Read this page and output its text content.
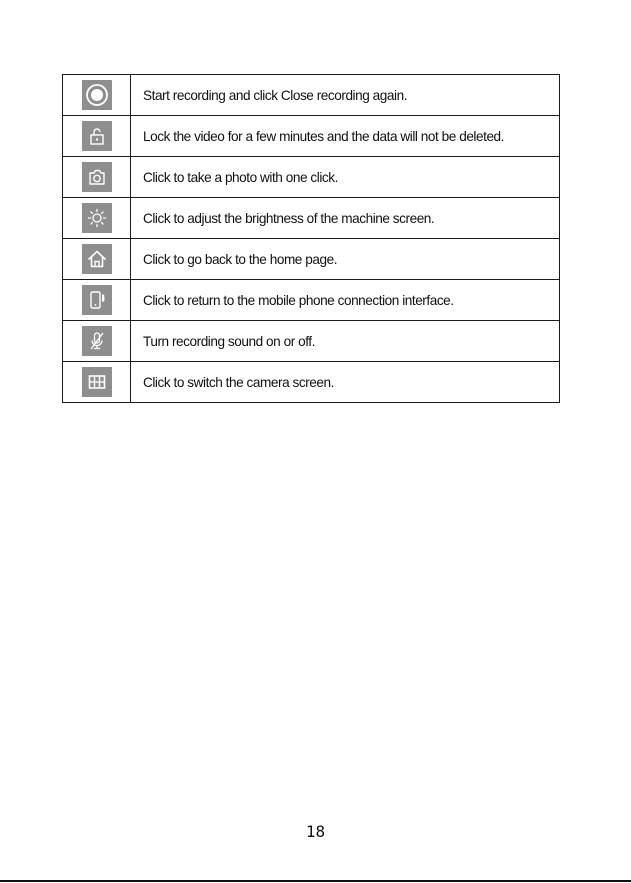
	Start recording and click Close recording again.

	Lock the video for a few minutes and the data will not be deleted.

	Click to take a photo with one click.

	Click to adjust the brightness of the machine screen.

	Click to go back to the home page.

	Click to return to the mobile phone connection interface.

	Turn recording sound on or off.

	Click to switch the camera screen.
18
